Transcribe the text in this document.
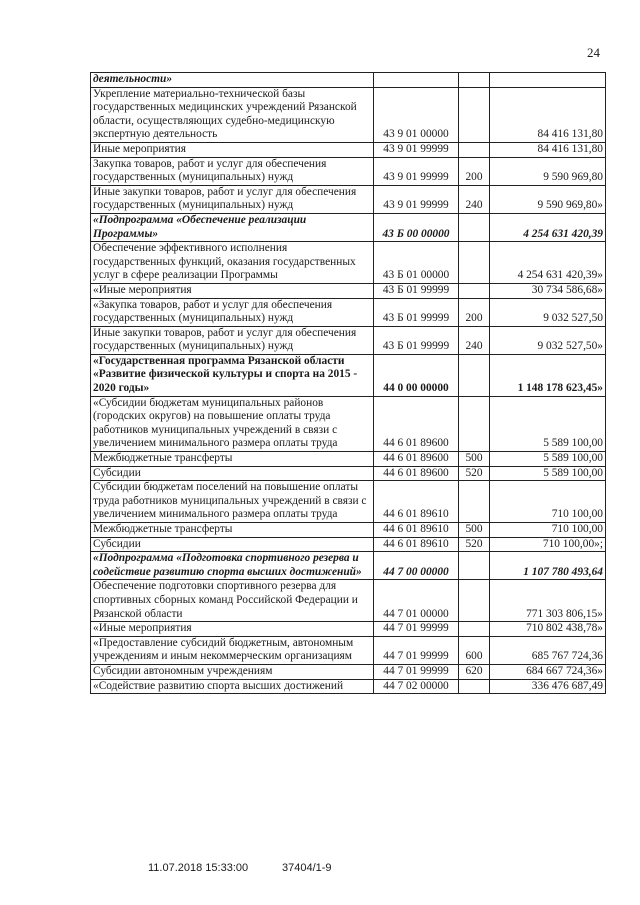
24
деятельности»			
Укрепление материально-технической базы государственных медицинских учреждений Рязанской области, осуществляющих судебно-медицинскую экспертную деятельность	43 9 01 00000		84 416 131,80
Иные мероприятия	43 9 01 99999		84 416 131,80
Закупка товаров, работ и услуг для обеспечения государственных (муниципальных) нужд	43 9 01 99999	200	9 590 969,80
Иные закупки товаров, работ и услуг для обеспечения государственных (муниципальных) нужд	43 9 01 99999	240	9 590 969,80»
«Подпрограмма «Обеспечение реализации Программы»	43 Б 00 00000		4 254 631 420,39
Обеспечение эффективного исполнения государственных функций, оказания государственных услуг в сфере реализации Программы	43 Б 01 00000		4 254 631 420,39»
«Иные мероприятия	43 Б 01 99999		30 734 586,68»
«Закупка товаров, работ и услуг для обеспечения государственных (муниципальных) нужд	43 Б 01 99999	200	9 032 527,50
Иные закупки товаров, работ и услуг для обеспечения государственных (муниципальных) нужд	43 Б 01 99999	240	9 032 527,50»
«Государственная программа Рязанской области «Развитие физической культуры и спорта на 2015 - 2020 годы»	44 0 00 00000		1 148 178 623,45»
«Субсидии бюджетам муниципальных районов (городских округов) на повышение оплаты труда работников муниципальных учреждений в связи с увеличением минимального размера оплаты труда	44 6 01 89600		5 589 100,00
Межбюджетные трансферты	44 6 01 89600	500	5 589 100,00
Субсидии	44 6 01 89600	520	5 589 100,00
Субсидии бюджетам поселений на повышение оплаты труда работников муниципальных учреждений в связи с увеличением минимального размера оплаты труда	44 6 01 89610		710 100,00
Межбюджетные трансферты	44 6 01 89610	500	710 100,00
Субсидии	44 6 01 89610	520	710 100,00»;
«Подпрограмма «Подготовка спортивного резерва и содействие развитию спорта высших достижений»	44 7 00 00000		1 107 780 493,64
Обеспечение подготовки спортивного резерва для спортивных сборных команд Российской Федерации и Рязанской области	44 7 01 00000		771 303 806,15»
«Иные мероприятия	44 7 01 99999		710 802 438,78»
«Предоставление субсидий бюджетным, автономным учреждениям и иным некоммерческим организациям	44 7 01 99999	600	685 767 724,36
Субсидии автономным учреждениям	44 7 01 99999	620	684 667 724,36»
«Содействие развитию спорта высших достижений	44 7 02 00000		336 476 687,49
11.07.2018 15:33:00	37404/1-9
